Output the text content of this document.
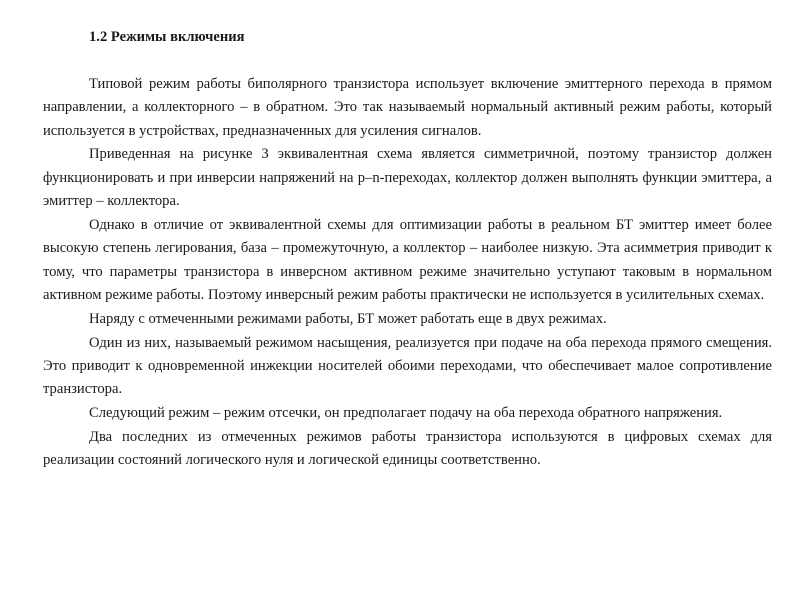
1.2 Режимы включения

Типовой режим работы биполярного транзистора использует включение эмиттерного перехода в прямом направлении, а коллекторного – в обратном. Это так называемый нормальный активный режим работы, который используется в устройствах, предназначенных для усиления сигналов.

Приведенная на рисунке 3 эквивалентная схема является симметричной, поэтому транзистор должен функционировать и при инверсии напряжений на p–n-переходах, коллектор должен выполнять функции эмиттера, а эмиттер – коллектора.

Однако в отличие от эквивалентной схемы для оптимизации работы в реальном БТ эмиттер имеет более высокую степень легирования, база – промежуточную, а коллектор – наиболее низкую. Эта асимметрия приводит к тому, что параметры транзистора в инверсном активном режиме значительно уступают таковым в нормальном активном режиме работы. Поэтому инверсный режим работы практически не используется в усилительных схемах.

Наряду с отмеченными режимами работы, БТ может работать еще в двух режимах.

Один из них, называемый режимом насыщения, реализуется при подаче на оба перехода прямого смещения. Это приводит к одновременной инжекции носителей обоими переходами, что обеспечивает малое сопротивление транзистора.

Следующий режим – режим отсечки, он предполагает подачу на оба перехода обратного напряжения.

Два последних из отмеченных режимов работы транзистора используются в цифровых схемах для реализации состояний логического нуля и логической единицы соответственно.
